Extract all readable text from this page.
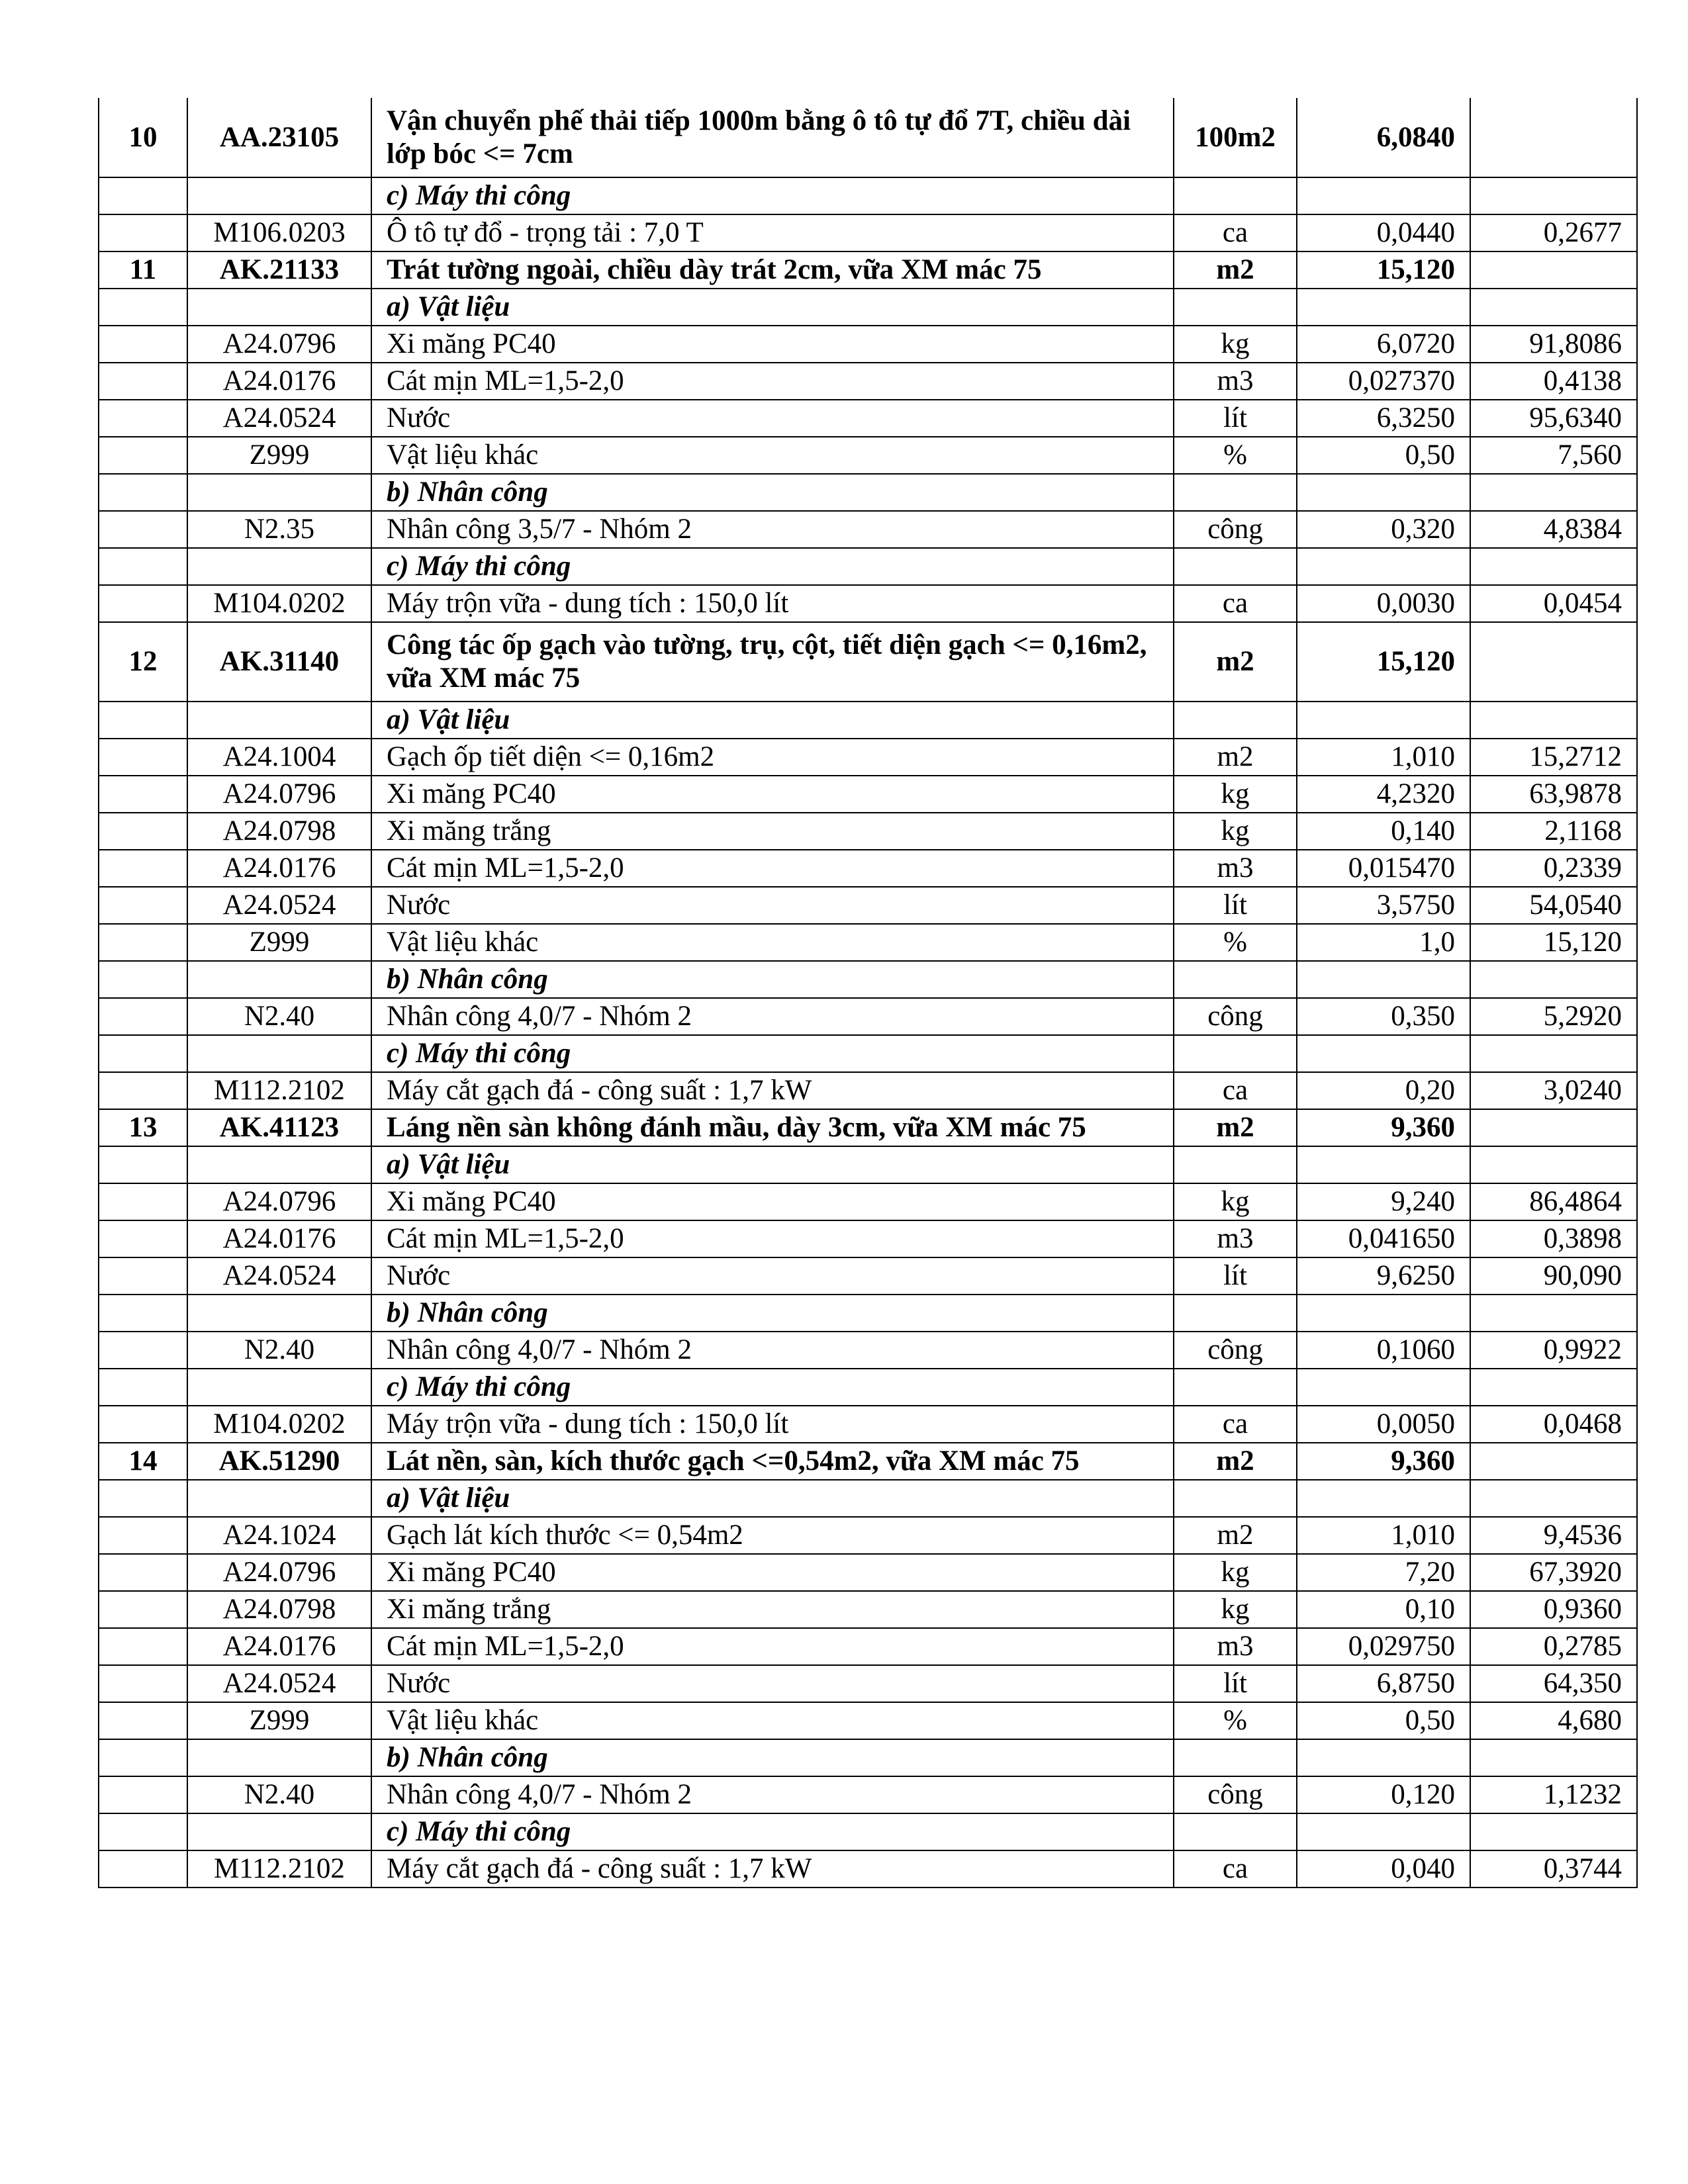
10	AA.23105	Vận chuyển phế thải tiếp 1000m bằng ô tô tự đổ 7T, chiều dài lớp bóc <= 7cm	100m2	6,0840	
		c) Máy thi công			
	M106.0203	Ô tô tự đổ - trọng tải : 7,0 T	ca	0,0440	0,2677
11	AK.21133	Trát tường ngoài, chiều dày trát 2cm, vữa XM mác 75	m2	15,120	
		a) Vật liệu			
	A24.0796	Xi măng PC40	kg	6,0720	91,8086
	A24.0176	Cát mịn ML=1,5-2,0	m3	0,027370	0,4138
	A24.0524	Nước	lít	6,3250	95,6340
	Z999	Vật liệu khác	%	0,50	7,560
		b) Nhân công			
	N2.35	Nhân công 3,5/7 - Nhóm 2	công	0,320	4,8384
		c) Máy thi công			
	M104.0202	Máy trộn vữa - dung tích : 150,0 lít	ca	0,0030	0,0454
12	AK.31140	Công tác ốp gạch vào tường, trụ, cột, tiết diện gạch <= 0,16m2, vữa XM mác 75	m2	15,120	
		a) Vật liệu			
	A24.1004	Gạch ốp tiết diện <= 0,16m2	m2	1,010	15,2712
	A24.0796	Xi măng PC40	kg	4,2320	63,9878
	A24.0798	Xi măng trắng	kg	0,140	2,1168
	A24.0176	Cát mịn ML=1,5-2,0	m3	0,015470	0,2339
	A24.0524	Nước	lít	3,5750	54,0540
	Z999	Vật liệu khác	%	1,0	15,120
		b) Nhân công			
	N2.40	Nhân công 4,0/7 - Nhóm 2	công	0,350	5,2920
		c) Máy thi công			
	M112.2102	Máy cắt gạch đá - công suất : 1,7 kW	ca	0,20	3,0240
13	AK.41123	Láng nền sàn không đánh mầu, dày 3cm, vữa XM mác 75	m2	9,360	
		a) Vật liệu			
	A24.0796	Xi măng PC40	kg	9,240	86,4864
	A24.0176	Cát mịn ML=1,5-2,0	m3	0,041650	0,3898
	A24.0524	Nước	lít	9,6250	90,090
		b) Nhân công			
	N2.40	Nhân công 4,0/7 - Nhóm 2	công	0,1060	0,9922
		c) Máy thi công			
	M104.0202	Máy trộn vữa - dung tích : 150,0 lít	ca	0,0050	0,0468
14	AK.51290	Lát nền, sàn, kích thước gạch <=0,54m2, vữa XM mác 75	m2	9,360	
		a) Vật liệu			
	A24.1024	Gạch lát kích thước <= 0,54m2	m2	1,010	9,4536
	A24.0796	Xi măng PC40	kg	7,20	67,3920
	A24.0798	Xi măng trắng	kg	0,10	0,9360
	A24.0176	Cát mịn ML=1,5-2,0	m3	0,029750	0,2785
	A24.0524	Nước	lít	6,8750	64,350
	Z999	Vật liệu khác	%	0,50	4,680
		b) Nhân công			
	N2.40	Nhân công 4,0/7 - Nhóm 2	công	0,120	1,1232
		c) Máy thi công			
	M112.2102	Máy cắt gạch đá - công suất : 1,7 kW	ca	0,040	0,3744
